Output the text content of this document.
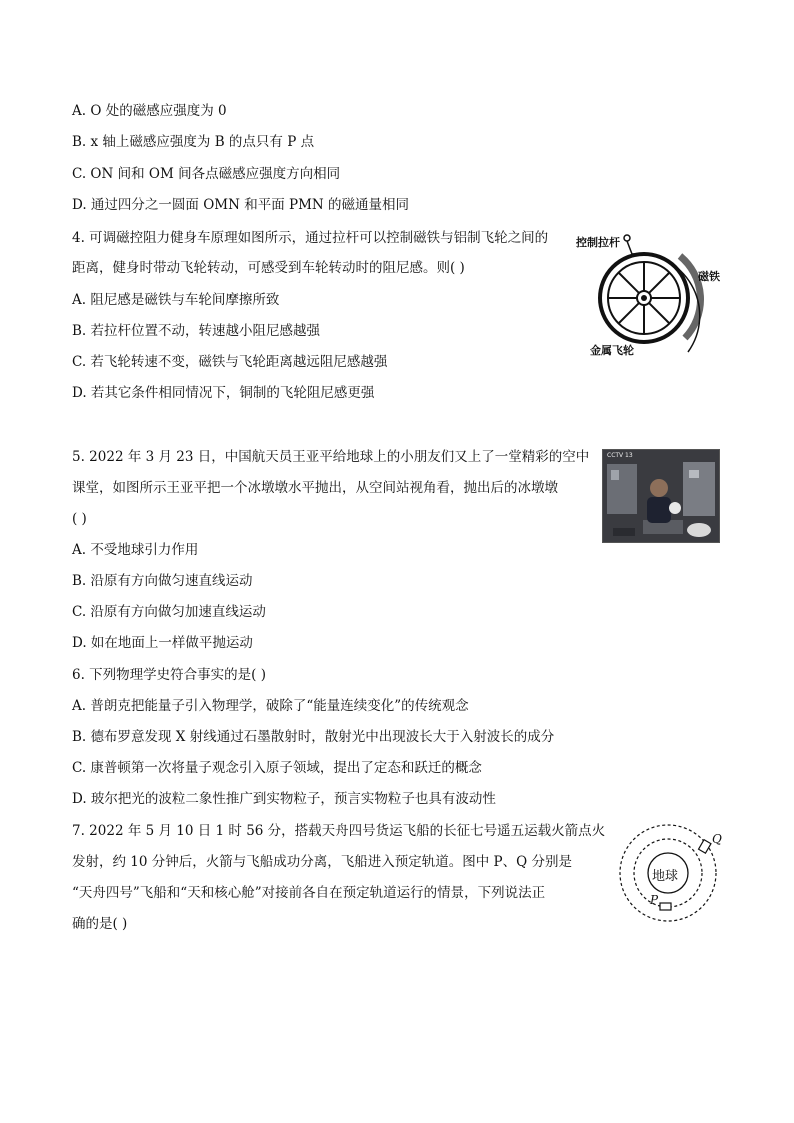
A. O 处的磁感应强度为 0
B. x 轴上磁感应强度为 B 的点只有 P 点
C. ON 间和 OM 间各点磁感应强度方向相同
D. 通过四分之一圆面 OMN 和平面 PMN 的磁通量相同
4. 可调磁控阻力健身车原理如图所示，通过拉杆可以控制磁铁与铝制飞轮之间的
距离，健身时带动飞轮转动，可感受到车轮转动时的阻尼感。则( )
A. 阻尼感是磁铁与车轮间摩擦所致
B. 若拉杆位置不动，转速越小阻尼感越强
C. 若飞轮转速不变，磁铁与飞轮距离越远阻尼感越强
D. 若其它条件相同情况下，铜制的飞轮阻尼感更强
控制拉杆
磁铁
金属飞轮
5. 2022 年 3 月 23 日，中国航天员王亚平给地球上的小朋友们又上了一堂精彩的空中
课堂，如图所示王亚平把一个冰墩墩水平抛出，从空间站视角看，抛出后的冰墩墩
( )
A. 不受地球引力作用
B. 沿原有方向做匀速直线运动
C. 沿原有方向做匀加速直线运动
D. 如在地面上一样做平抛运动
CCTV 13
6. 下列物理学史符合事实的是( )
A. 普朗克把能量子引入物理学，破除了“能量连续变化”的传统观念
B. 德布罗意发现 X 射线通过石墨散射时，散射光中出现波长大于入射波长的成分
C. 康普顿第一次将量子观念引入原子领域，提出了定态和跃迁的概念
D. 玻尔把光的波粒二象性推广到实物粒子，预言实物粒子也具有波动性
7. 2022 年 5 月 10 日 1 时 56 分，搭载天舟四号货运飞船的长征七号遥五运载火箭点火
发射，约 10 分钟后，火箭与飞船成功分离，飞船进入预定轨道。图中 P、Q 分别是
“天舟四号”飞船和“天和核心舱”对接前各自在预定轨道运行的情景，下列说法正
确的是( )
地球
P
Q
